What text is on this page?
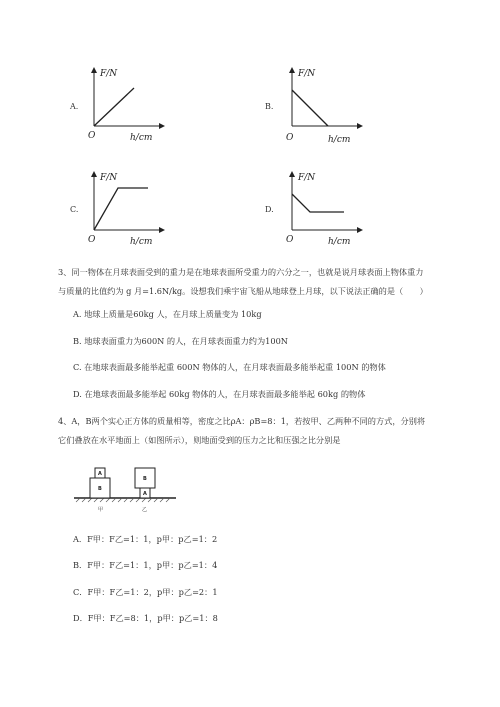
A.
F/N
O	h/cm
B.
F/N
O	h/cm
C.
F/N
O	h/cm
D.
F/N
O	h/cm
3、同一物体在月球表面受到的重力是在地球表面所受重力的六分之一，也就是说月球表面上物体重力
与质量的比值约为 g 月=1.6N/kg。设想我们乘宇宙飞船从地球登上月球，以下说法正确的是（　　）
A. 地球上质量是60kg 人，在月球上质量变为 10kg
B. 地球表面重力为600N 的人，在月球表面重力约为100N
C. 在地球表面最多能举起重 600N 物体的人，在月球表面最多能举起重 100N 的物体
D. 在地球表面最多能举起 60kg 物体的人，在月球表面最多能举起 60kg 的物体
4、A，B两个实心正方体的质量相等，密度之比ρA：ρB=8：1，若按甲、乙两种不同的方式，分别将
它们叠放在水平地面上（如图所示），则地面受到的压力之比和压强之比分别是
B
A
A
B
甲	乙
A．F甲：F乙=1：1，p甲：p乙=1：2
B．F甲：F乙=1：1，p甲：p乙=1：4
C．F甲：F乙=1：2，p甲：p乙=2：1
D．F甲：F乙=8：1，p甲：p乙=1：8
